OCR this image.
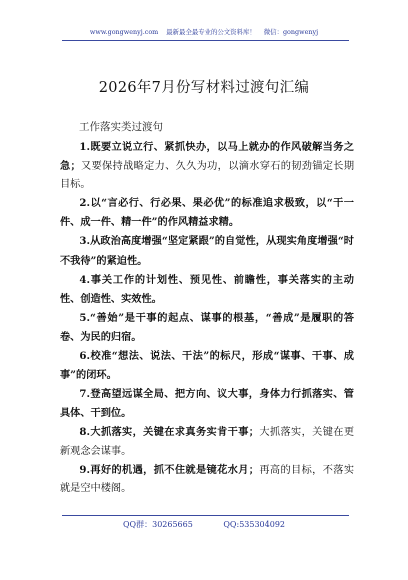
www.gongwenyj.com 最新最全最专业的公文资料库！ 微信：gongwenyj
2026年7月份写材料过渡句汇编

工作落实类过渡句

1.既要立说立行、紧抓快办，以马上就办的作风破解当务之急；又要保持战略定力、久久为功，以滴水穿石的韧劲锚定长期目标。

2.以“言必行、行必果、果必优”的标准追求极致，以“干一件、成一件、精一件”的作风精益求精。

3.从政治高度增强“坚定紧跟”的自觉性，从现实角度增强“时不我待”的紧迫性。

4.事关工作的计划性、预见性、前瞻性，事关落实的主动性、创造性、实效性。

5.“善始”是干事的起点、谋事的根基，“善成”是履职的答卷、为民的归宿。

6.校准“想法、说法、干法”的标尺，形成“谋事、干事、成事”的闭环。

7.登高望远谋全局、把方向、议大事，身体力行抓落实、管具体、干到位。

8.大抓落实，关键在求真务实肯干事；大抓落实，关键在更新观念会谋事。

9.再好的机遇，抓不住就是镜花水月；再高的目标，不落实就是空中楼阁。

QQ群：30265665	QQ:535304092
